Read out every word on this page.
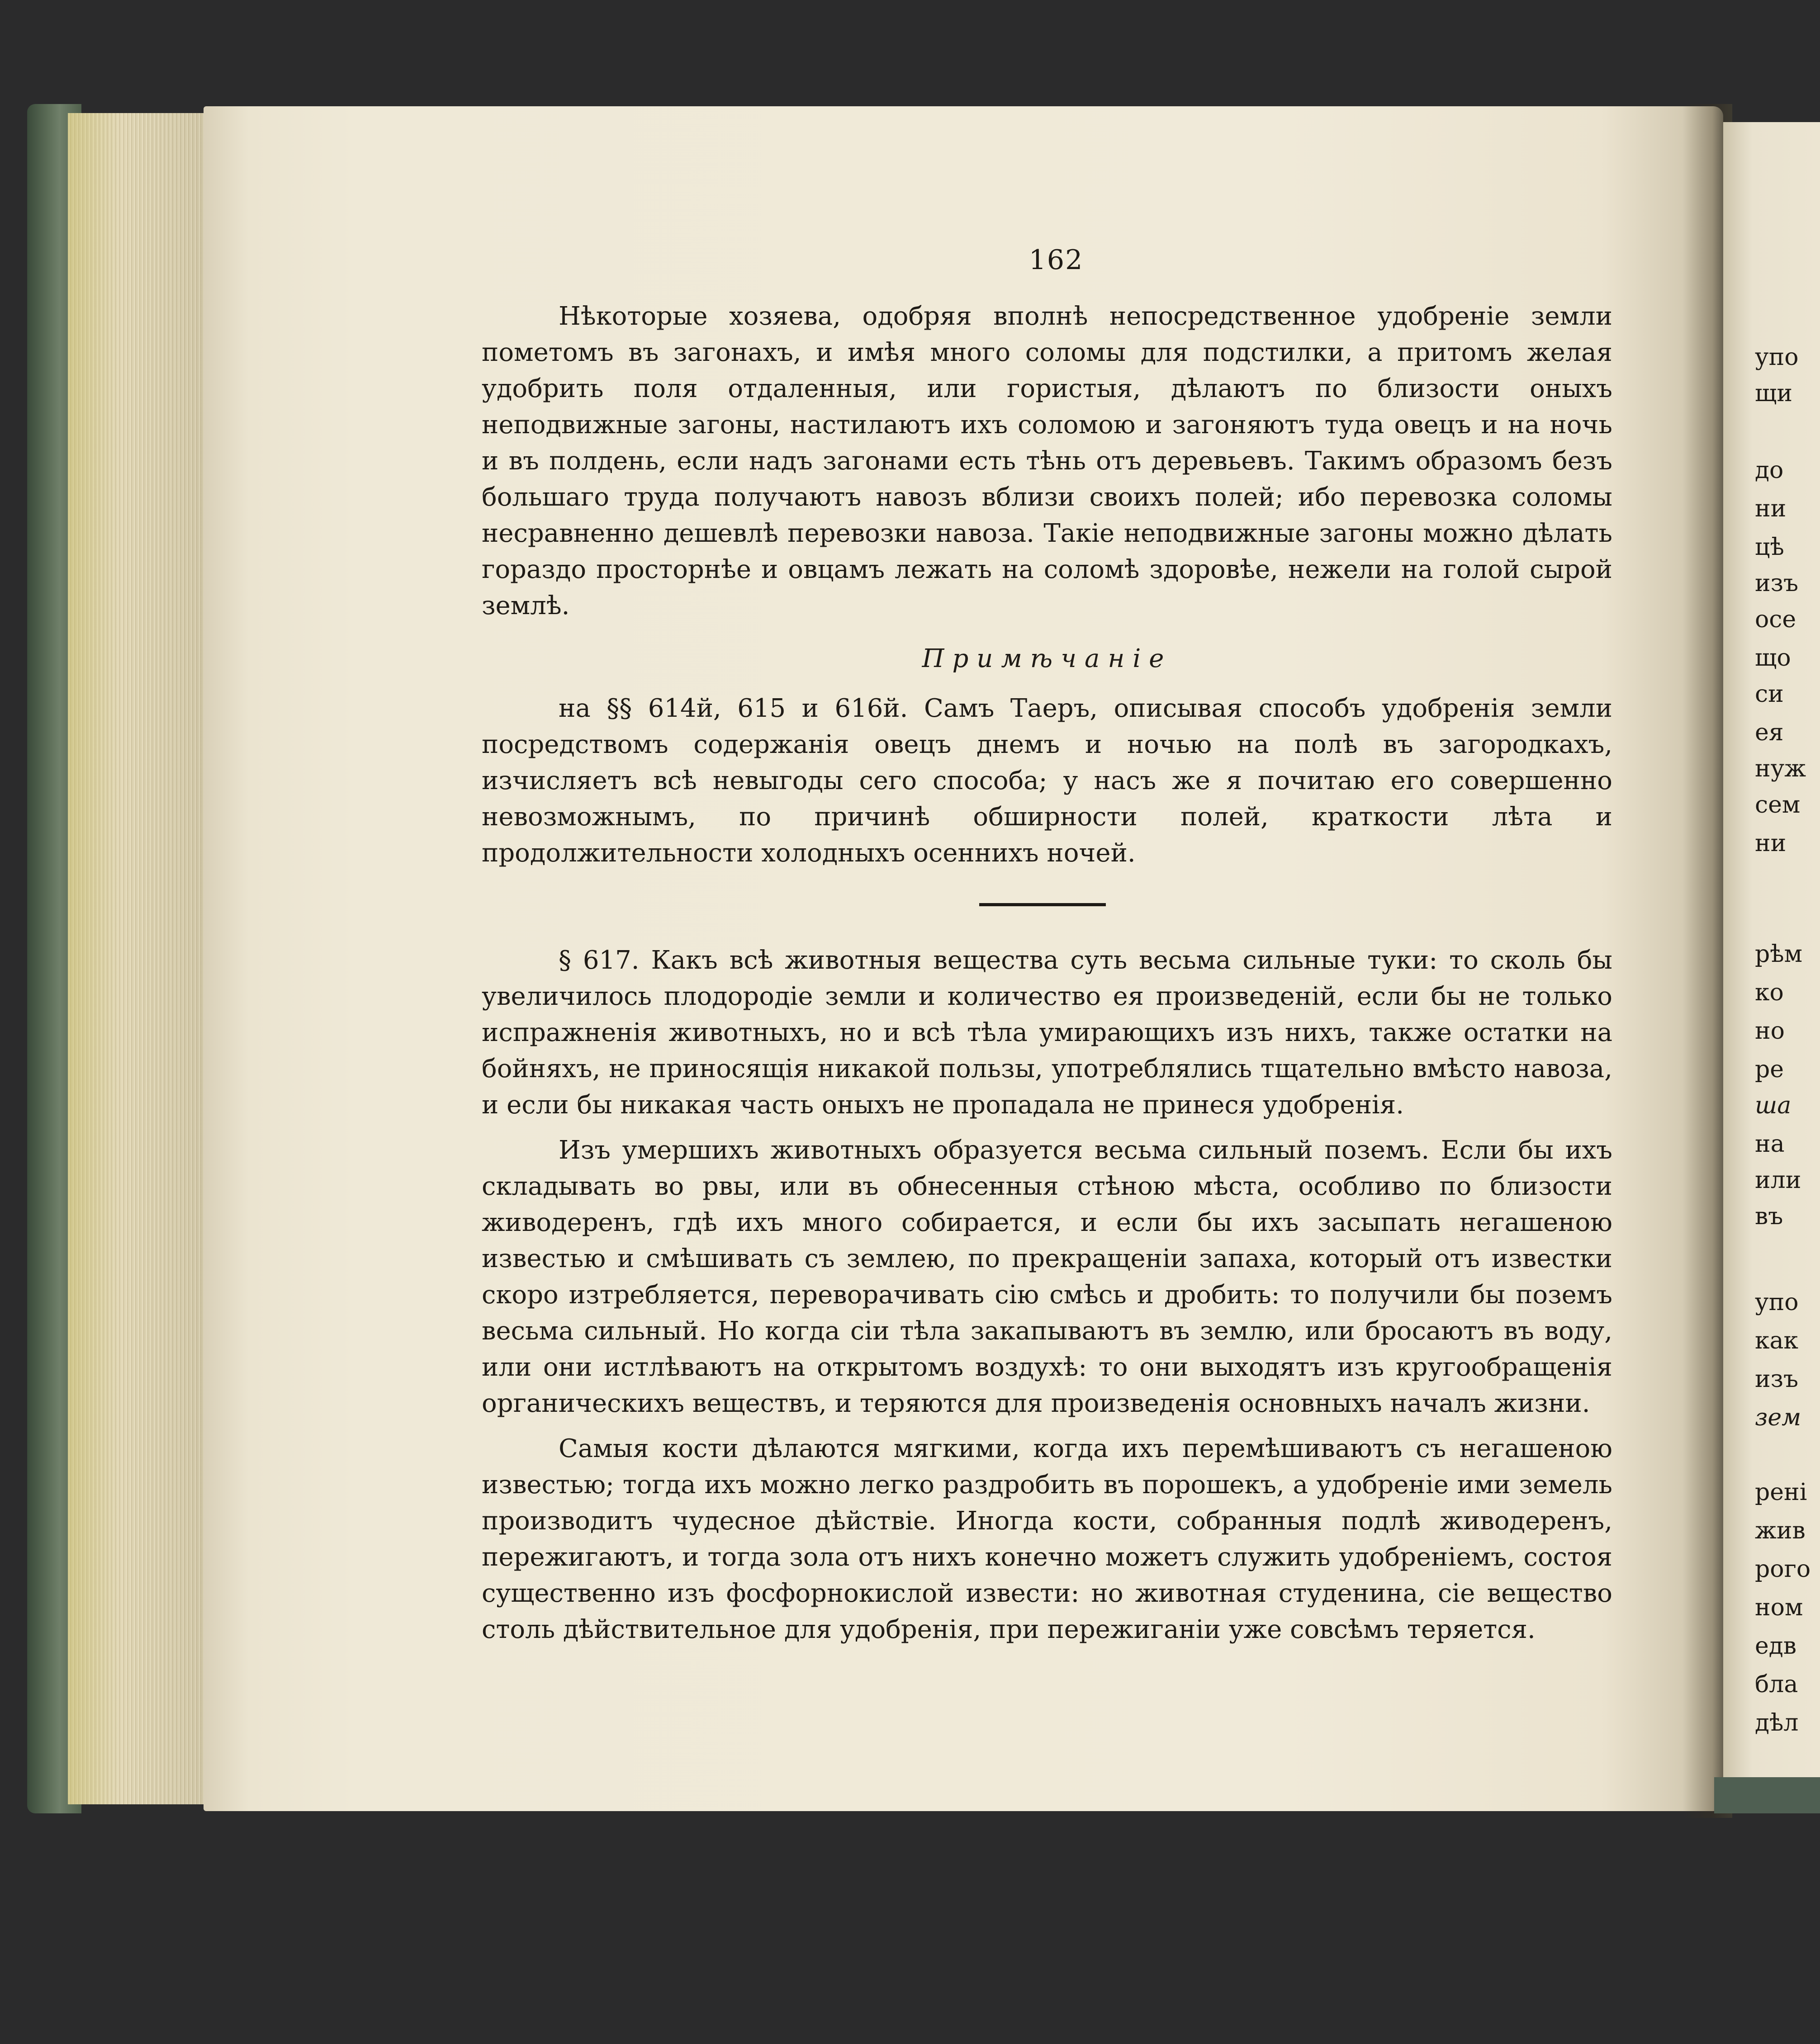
162

Нѣкоторые хозяева, одобряя вполнѣ непосредственное удобреніе земли пометомъ въ загонахъ, и имѣя много соломы для подстилки, а притомъ желая удобрить поля отдаленныя, или гористыя, дѣлаютъ по близости оныхъ неподвижные загоны, настилаютъ ихъ соломою и загоняютъ туда овецъ и на ночь и въ полдень, если надъ загонами есть тѣнь отъ деревьевъ. Такимъ образомъ безъ большаго труда получаютъ навозъ вблизи своихъ полей; ибо перевозка соломы несравненно дешевлѣ перевозки навоза. Такіе неподвижные загоны можно дѣлать гораздо просторнѣе и овцамъ лежать на соломѣ здоровѣе, нежели на голой сырой землѣ.

Примѣчаніе

на §§ 614й, 615 и 616й. Самъ Таеръ, описывая способъ удобренія земли посредствомъ содержанія овецъ днемъ и ночью на полѣ въ загородкахъ, изчисляетъ всѣ невыгоды сего способа; у насъ же я почитаю его совершенно невозможнымъ, по причинѣ обширности полей, краткости лѣта и продолжительности холодныхъ осеннихъ ночей.

§ 617. Какъ всѣ животныя вещества суть весьма сильные туки: то сколь бы увеличилось плодородіе земли и количество ея произведеній, если бы не только испражненія животныхъ, но и всѣ тѣла умирающихъ изъ нихъ, также остатки на бойняхъ, не приносящія никакой пользы, употреблялись тщательно вмѣсто навоза, и если бы никакая часть оныхъ не пропадала не принеся удобренія.

Изъ умершихъ животныхъ образуется весьма сильный поземъ. Если бы ихъ складывать во рвы, или въ обнесенныя стѣною мѣста, особливо по близости живодеренъ, гдѣ ихъ много собирается, и если бы ихъ засыпать негашеною известью и смѣшивать съ землею, по прекращеніи запаха, который отъ известки скоро изтребляется, переворачивать сію смѣсь и дробить: то получили бы поземъ весьма сильный. Но когда сіи тѣла закапываютъ въ землю, или бросаютъ въ воду, или они истлѣваютъ на открытомъ воздухѣ: то они выходятъ изъ кругообращенія органическихъ веществъ, и теряются для произведенія основныхъ началъ жизни.

Самыя кости дѣлаются мягкими, когда ихъ перемѣшиваютъ съ негашеною известью; тогда ихъ можно легко раздробить въ порошекъ, а удобреніе ими земель производитъ чудесное дѣйствіе. Иногда кости, собранныя подлѣ живодеренъ, пережигаютъ, и тогда зола отъ нихъ конечно можетъ служить удобреніемъ, состоя существенно изъ фосфорнокислой извести: но животная студенина, сіе вещество столь дѣйствительное для удобренія, при пережиганіи уже совсѣмъ теряется.

упо
щи
до
ни
цѣ
изъ
осе
що
си
ея
нуж
сем
ни
рѣм
ко
но
ре
ша
на
или
въ
упо
как
изъ
зем
рені
жив
рого
ном
едв
бла
дѣл
